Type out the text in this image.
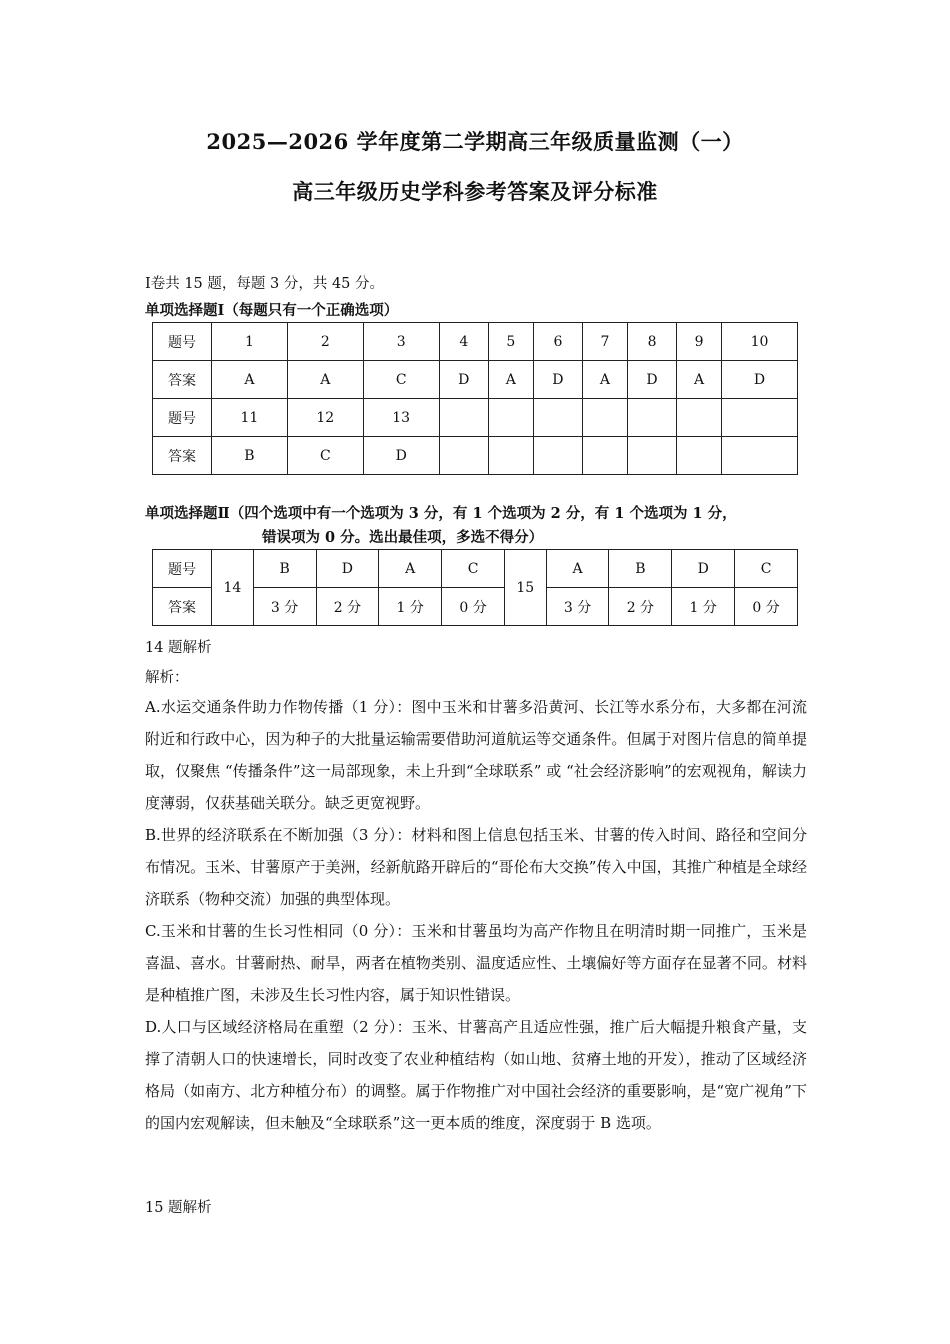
2025—2026 学年度第二学期高三年级质量监测（一）
高三年级历史学科参考答案及评分标准
Ⅰ卷共 15 题，每题 3 分，共 45 分。
单项选择题Ⅰ（每题只有一个正确选项）
题号	1	2	3	4	5	6	7	8	9	10
答案	A	A	C	D	A	D	A	D	A	D
题号	11	12	13							
答案	B	C	D							
单项选择题Ⅱ（四个选项中有一个选项为 3 分，有 1 个选项为 2 分，有 1 个选项为 1 分，
错误项为 0 分。选出最佳项，多选不得分）
题号	14	B	D	A	C	15	A	B	D	C
答案		3 分	2 分	1 分	0 分		3 分	2 分	1 分	0 分
14 题解析
解析：
A.水运交通条件助力作物传播（1 分）：图中玉米和甘薯多沿黄河、长江等水系分布，大多都在河流附近和行政中心，因为种子的大批量运输需要借助河道航运等交通条件。但属于对图片信息的简单提取，仅聚焦 “传播条件”这一局部现象，未上升到“全球联系” 或 “社会经济影响”的宏观视角，解读力度薄弱，仅获基础关联分。缺乏更宽视野。
B.世界的经济联系在不断加强（3 分）：材料和图上信息包括玉米、甘薯的传入时间、路径和空间分布情况。玉米、甘薯原产于美洲，经新航路开辟后的“哥伦布大交换”传入中国，其推广种植是全球经济联系（物种交流）加强的典型体现。
C.玉米和甘薯的生长习性相同（0 分）：玉米和甘薯虽均为高产作物且在明清时期一同推广，玉米是喜温、喜水。甘薯耐热、耐旱，两者在植物类别、温度适应性、土壤偏好等方面存在显著不同。材料是种植推广图，未涉及生长习性内容，属于知识性错误。
D.人口与区域经济格局在重塑（2 分）：玉米、甘薯高产且适应性强，推广后大幅提升粮食产量，支撑了清朝人口的快速增长，同时改变了农业种植结构（如山地、贫瘠土地的开发），推动了区域经济格局（如南方、北方种植分布）的调整。属于作物推广对中国社会经济的重要影响，是“宽广视角”下的国内宏观解读，但未触及“全球联系”这一更本质的维度，深度弱于 B 选项。
15 题解析
